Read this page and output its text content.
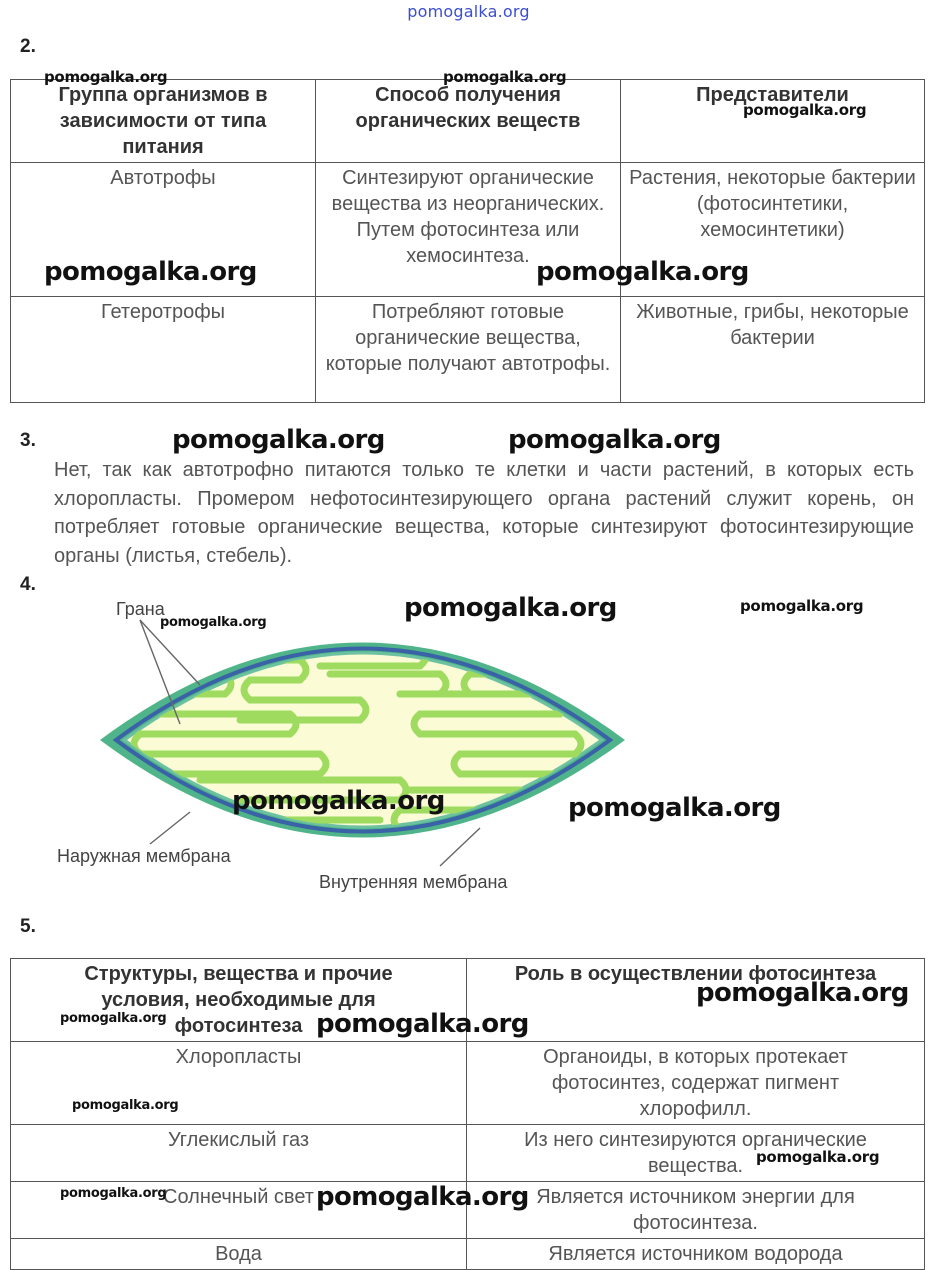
pomogalka.org
2.
Группа организмов в зависимости от типа питания	Способ получения органических веществ	Представители
Автотрофы	Синтезируют органические вещества из неорганических. Путем фотосинтеза или хемосинтеза.	Растения, некоторые бактерии (фотосинтетики, хемосинтетики)
Гетеротрофы	Потребляют готовые органические вещества, которые получают автотрофы.	Животные, грибы, некоторые бактерии
3.
Нет, так как автотрофно питаются только те клетки и части растений, в которых есть хлоропласты. Промером нефотосинтезирующего органа растений служит корень, он потребляет готовые органические вещества, которые синтезируют фотосинтезирующие органы (листья, стебель).
4.
Грана
Наружная мембрана
Внутренняя мембрана
5.
Структуры, вещества и прочие условия, необходимые для фотосинтеза	Роль в осуществлении фотосинтеза
Хлоропласты	Органоиды, в которых протекает фотосинтез, содержат пигмент хлорофилл.
Углекислый газ	Из него синтезируются органические вещества.
Солнечный свет	Является источником энергии для фотосинтеза.
Вода	Является источником водорода
pomogalka.org	pomogalka.org
pomogalka.org
pomogalka.org	pomogalka.org
pomogalka.org	pomogalka.org
pomogalka.org	pomogalka.org
pomogalka.org
pomogalka.org	pomogalka.org
pomogalka.org
pomogalka.org	pomogalka.org
pomogalka.org
pomogalka.org
pomogalka.org	pomogalka.org
